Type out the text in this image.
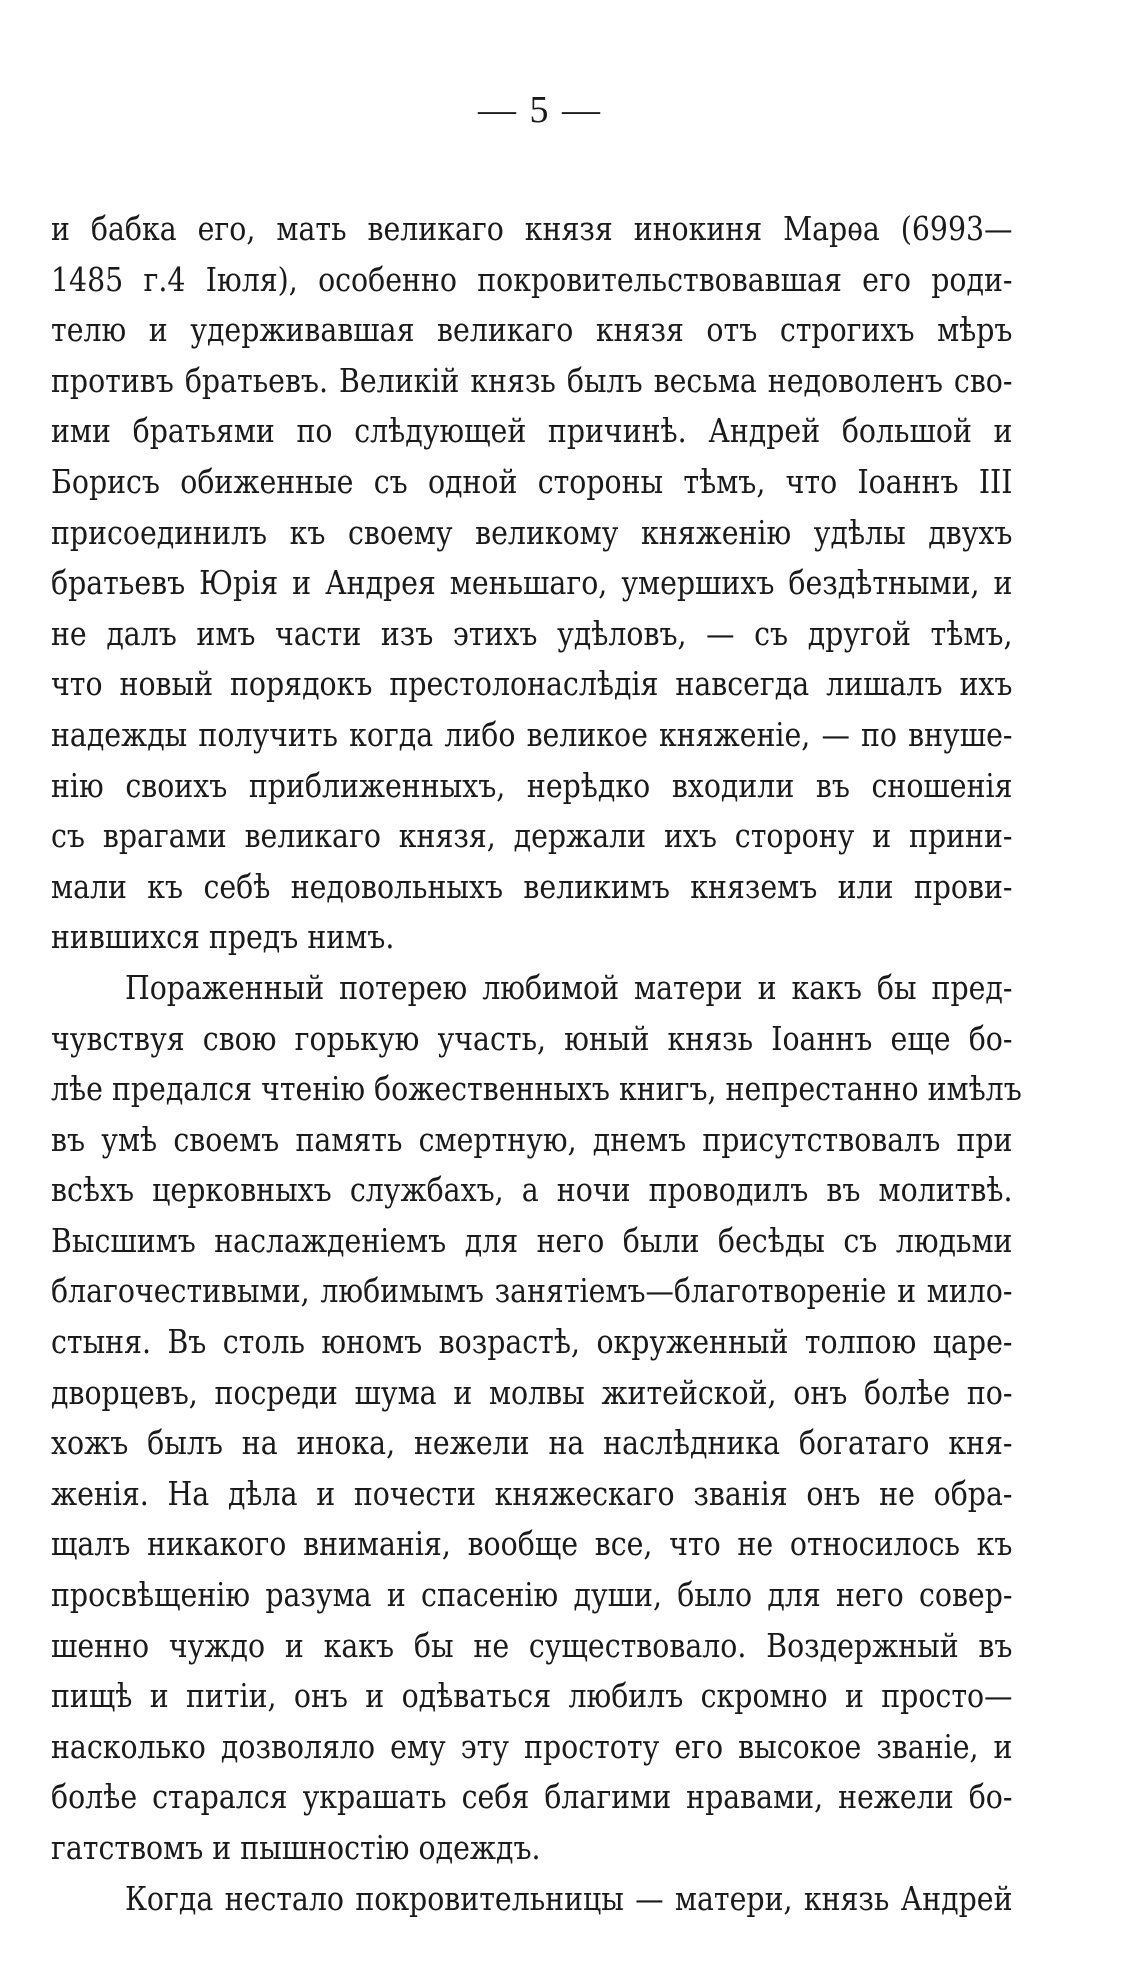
— 5 —
и бабка его, мать великаго князя инокиня Марѳа (6993—
1485 г.4 Іюля), особенно покровительствовавшая его роди-
телю и удерживавшая великаго князя отъ строгихъ мѣръ
противъ братьевъ. Великій князь былъ весьма недоволенъ сво-
ими братьями по слѣдующей причинѣ. Андрей большой и
Борисъ обиженные съ одной стороны тѣмъ, что Іоаннъ III
присоединилъ къ своему великому княженію удѣлы двухъ
братьевъ Юрія и Андрея меньшаго, умершихъ бездѣтными, и
не далъ имъ части изъ этихъ удѣловъ, — съ другой тѣмъ,
что новый порядокъ престолонаслѣдія навсегда лишалъ ихъ
надежды получить когда либо великое княженіе, — по внуше-
нію своихъ приближенныхъ, нерѣдко входили въ сношенія
съ врагами великаго князя, держали ихъ сторону и прини-
мали къ себѣ недовольныхъ великимъ княземъ или прови-
нившихся предъ нимъ.
Пораженный потерею любимой матери и какъ бы пред-
чувствуя свою горькую участь, юный князь Іоаннъ еще бо-
лѣе предался чтенію божественныхъ книгъ, непрестанно имѣлъ
въ умѣ своемъ память смертную, днемъ присутствовалъ при
всѣхъ церковныхъ службахъ, а ночи проводилъ въ молитвѣ.
Высшимъ наслажденіемъ для него были бесѣды съ людьми
благочестивыми, любимымъ занятіемъ—благотвореніе и мило-
стыня. Въ столь юномъ возрастѣ, окруженный толпою царе-
дворцевъ, посреди шума и молвы житейской, онъ болѣе по-
хожъ былъ на инока, нежели на наслѣдника богатаго кня-
женія. На дѣла и почести княжескаго званія онъ не обра-
щалъ никакого вниманія, вообще все, что не относилось къ
просвѣщенію разума и спасенію души, было для него совер-
шенно чуждо и какъ бы не существовало. Воздержный въ
пищѣ и питіи, онъ и одѣваться любилъ скромно и просто—
насколько дозволяло ему эту простоту его высокое званіе, и
болѣе старался украшать себя благими нравами, нежели бо-
гатствомъ и пышностію одеждъ.
Когда нестало покровительницы — матери, князь Андрей
